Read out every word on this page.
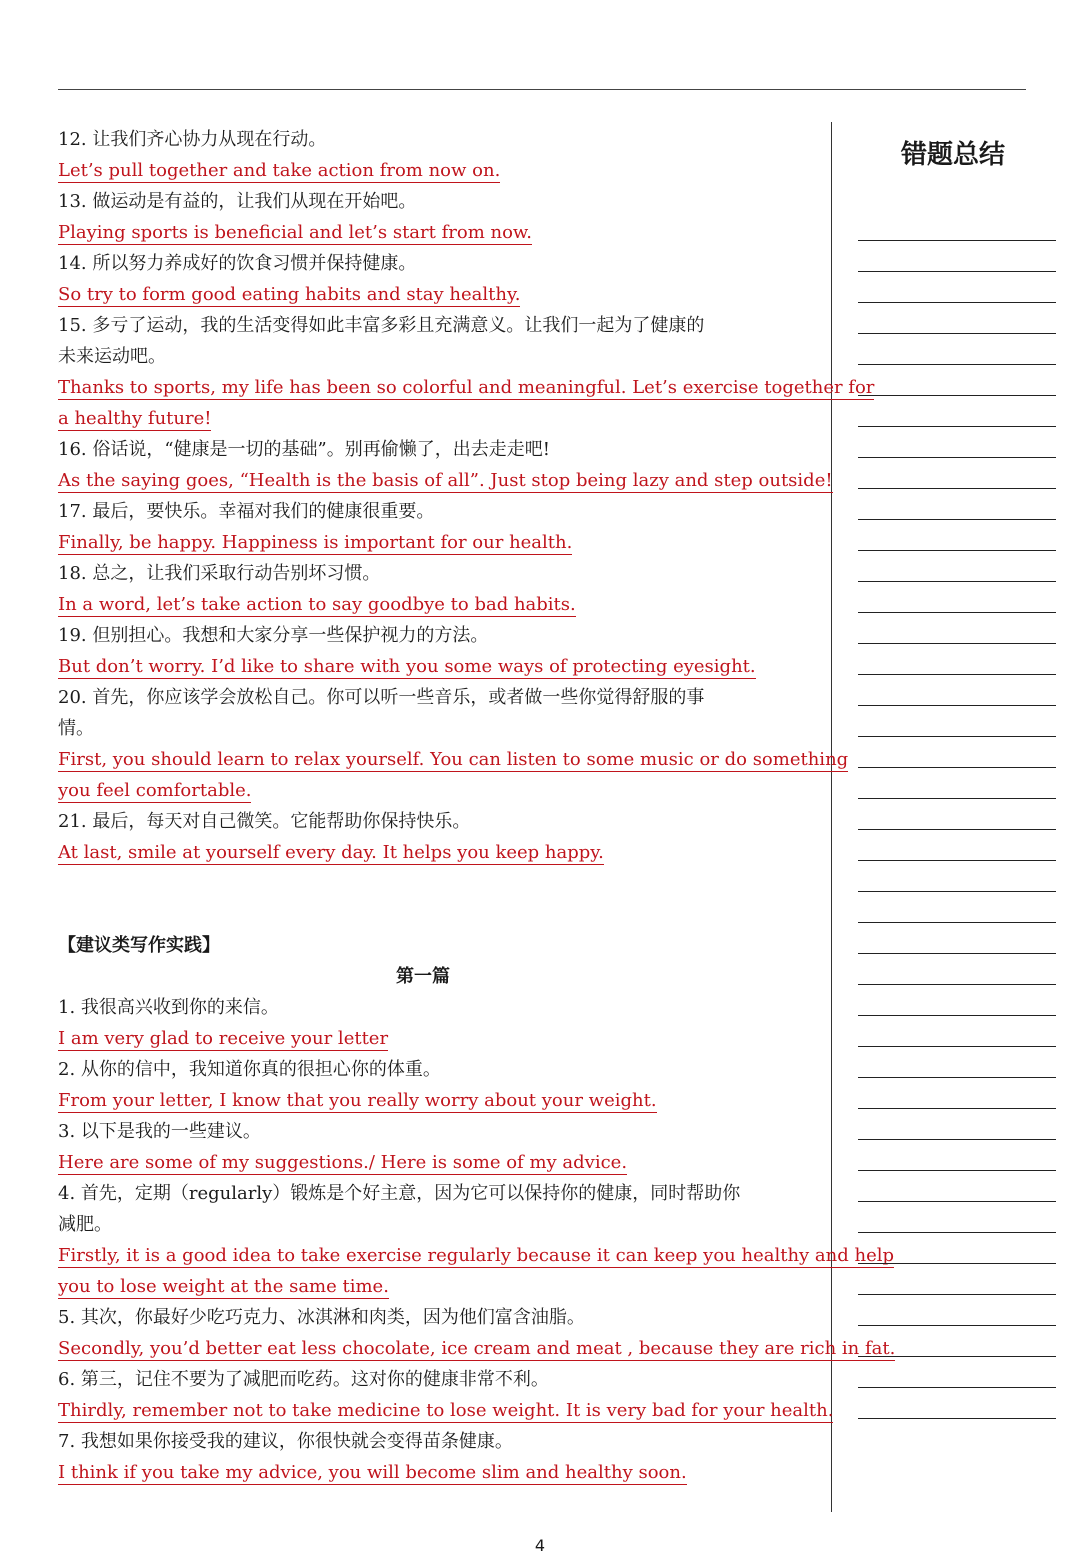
12. 让我们齐心协力从现在行动。
Let’s pull together and take action from now on.
13. 做运动是有益的，让我们从现在开始吧。
Playing sports is beneficial and let’s start from now.
14. 所以努力养成好的饮食习惯并保持健康。
So try to form good eating habits and stay healthy.
15. 多亏了运动，我的生活变得如此丰富多彩且充满意义。让我们一起为了健康的
未来运动吧。
Thanks to sports, my life has been so colorful and meaningful. Let’s exercise together for
a healthy future!
16. 俗话说，“健康是一切的基础”。别再偷懒了，出去走走吧!
As the saying goes, “Health is the basis of all”. Just stop being lazy and step outside!
17. 最后，要快乐。幸福对我们的健康很重要。
Finally, be happy. Happiness is important for our health.
18. 总之，让我们采取行动告别坏习惯。
In a word, let’s take action to say goodbye to bad habits.
19. 但别担心。我想和大家分享一些保护视力的方法。
But don’t worry. I’d like to share with you some ways of protecting eyesight.
20. 首先，你应该学会放松自己。你可以听一些音乐，或者做一些你觉得舒服的事
情。
First, you should learn to relax yourself. You can listen to some music or do something
you feel comfortable.
21. 最后，每天对自己微笑。它能帮助你保持快乐。
At last, smile at yourself every day. It helps you keep happy.
【建议类写作实践】
第一篇
1. 我很高兴收到你的来信。
I am very glad to receive your letter
2. 从你的信中，我知道你真的很担心你的体重。
From your letter, I know that you really worry about your weight.
3. 以下是我的一些建议。
Here are some of my suggestions./ Here is some of my advice.
4. 首先，定期（regularly）锻炼是个好主意，因为它可以保持你的健康，同时帮助你
减肥。
Firstly, it is a good idea to take exercise regularly because it can keep you healthy and help
you to lose weight at the same time.
5. 其次，你最好少吃巧克力、冰淇淋和肉类，因为他们富含油脂。
Secondly, you’d better eat less chocolate, ice cream and meat , because they are rich in fat.
6. 第三，记住不要为了减肥而吃药。这对你的健康非常不利。
Thirdly, remember not to take medicine to lose weight. It is very bad for your health.
7. 我想如果你接受我的建议，你很快就会变得苗条健康。
I think if you take my advice, you will become slim and healthy soon.
错题总结
4
